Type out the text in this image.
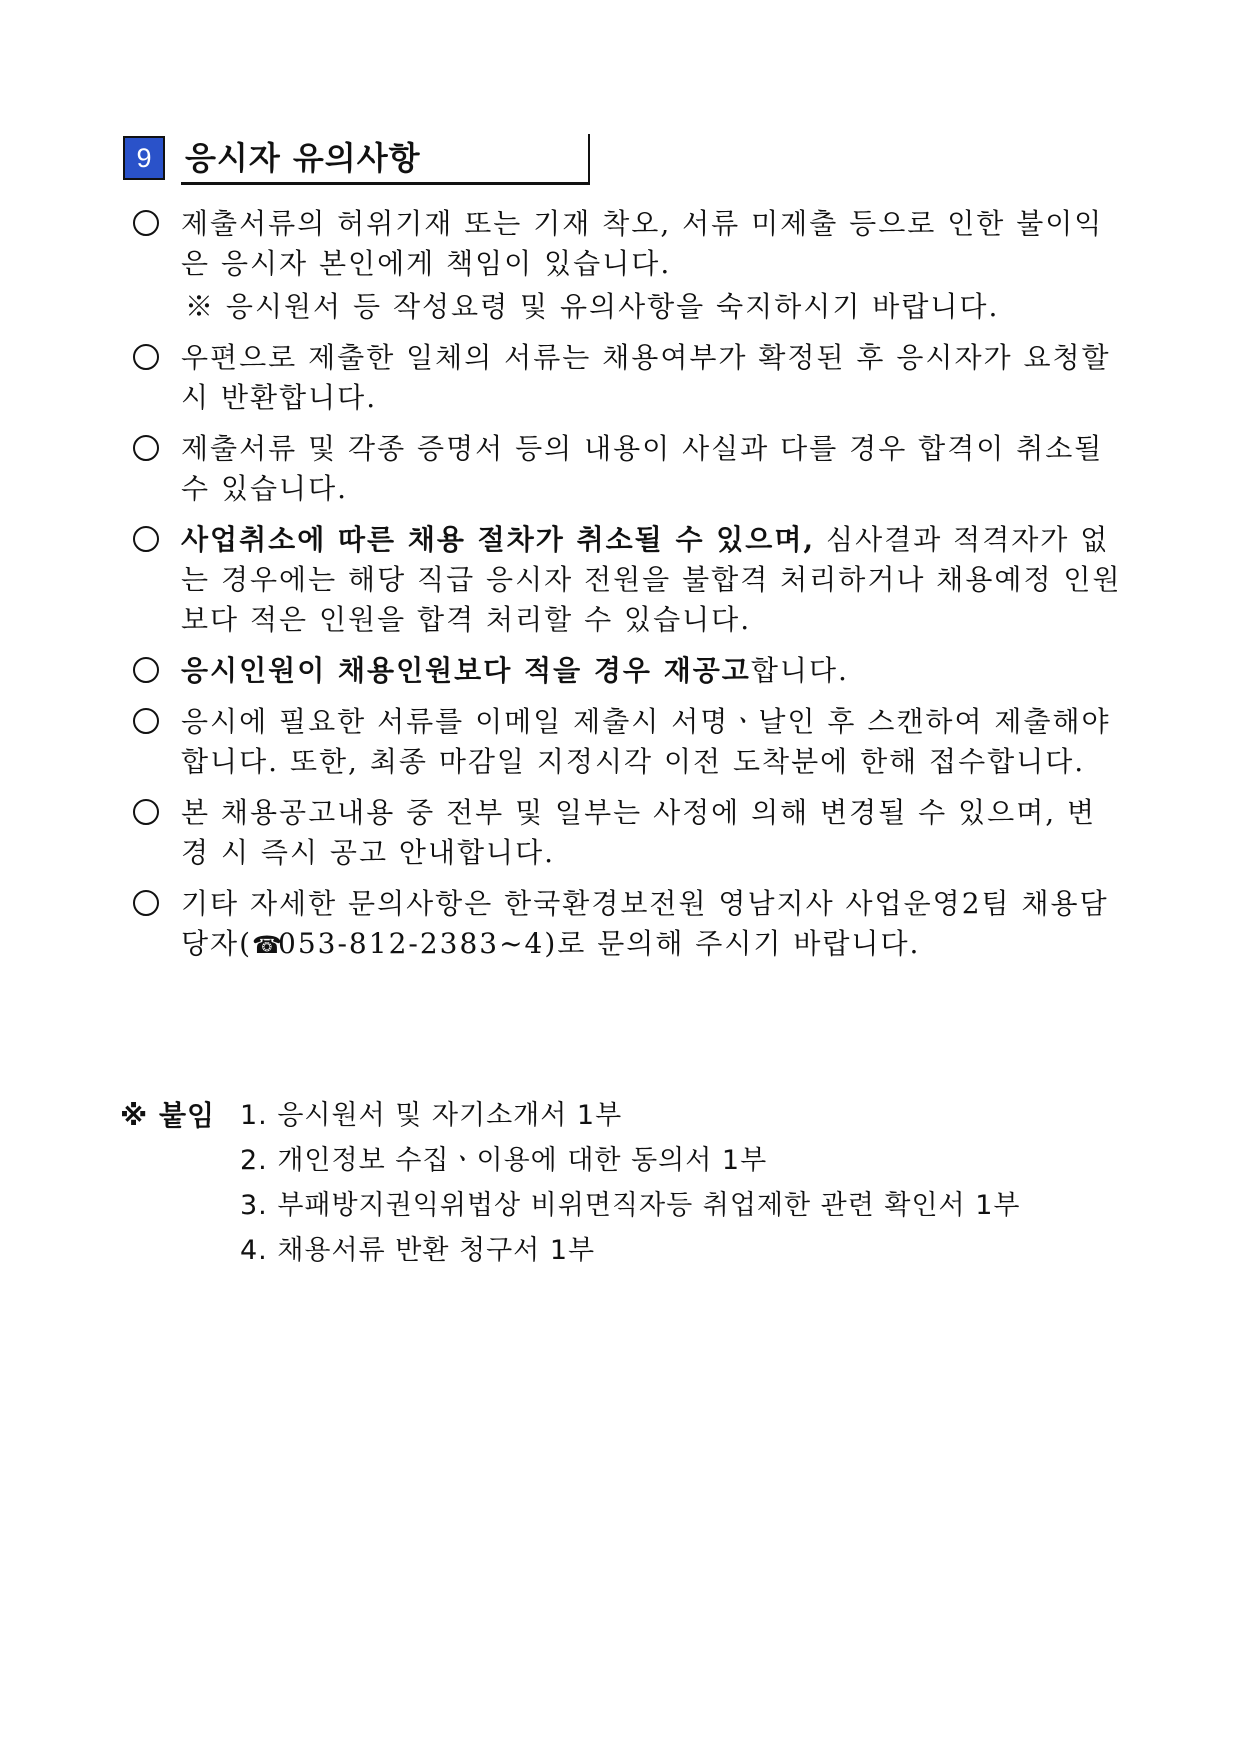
9	응시자 유의사항
제출서류의 허위기재 또는 기재 착오, 서류 미제출 등으로 인한 불이익은 응시자 본인에게 책임이 있습니다.
※ 응시원서 등 작성요령 및 유의사항을 숙지하시기 바랍니다.
우편으로 제출한 일체의 서류는 채용여부가 확정된 후 응시자가 요청할 시 반환합니다.
제출서류 및 각종 증명서 등의 내용이 사실과 다를 경우 합격이 취소될 수 있습니다.
사업취소에 따른 채용 절차가 취소될 수 있으며, 심사결과 적격자가 없는 경우에는 해당 직급 응시자 전원을 불합격 처리하거나 채용예정 인원보다 적은 인원을 합격 처리할 수 있습니다.
응시인원이 채용인원보다 적을 경우 재공고합니다.
응시에 필요한 서류를 이메일 제출시 서명ㆍ날인 후 스캔하여 제출해야 합니다. 또한, 최종 마감일 지정시각 이전 도착분에 한해 접수합니다.
본 채용공고내용 중 전부 및 일부는 사정에 의해 변경될 수 있으며, 변경 시 즉시 공고 안내합니다.
기타 자세한 문의사항은 한국환경보전원 영남지사 사업운영2팀 채용담당자(☎053-812-2383~4)로 문의해 주시기 바랍니다.
※ 붙임 1. 응시원서 및 자기소개서 1부
2. 개인정보 수집ㆍ이용에 대한 동의서 1부
3. 부패방지권익위법상 비위면직자등 취업제한 관련 확인서 1부
4. 채용서류 반환 청구서 1부
